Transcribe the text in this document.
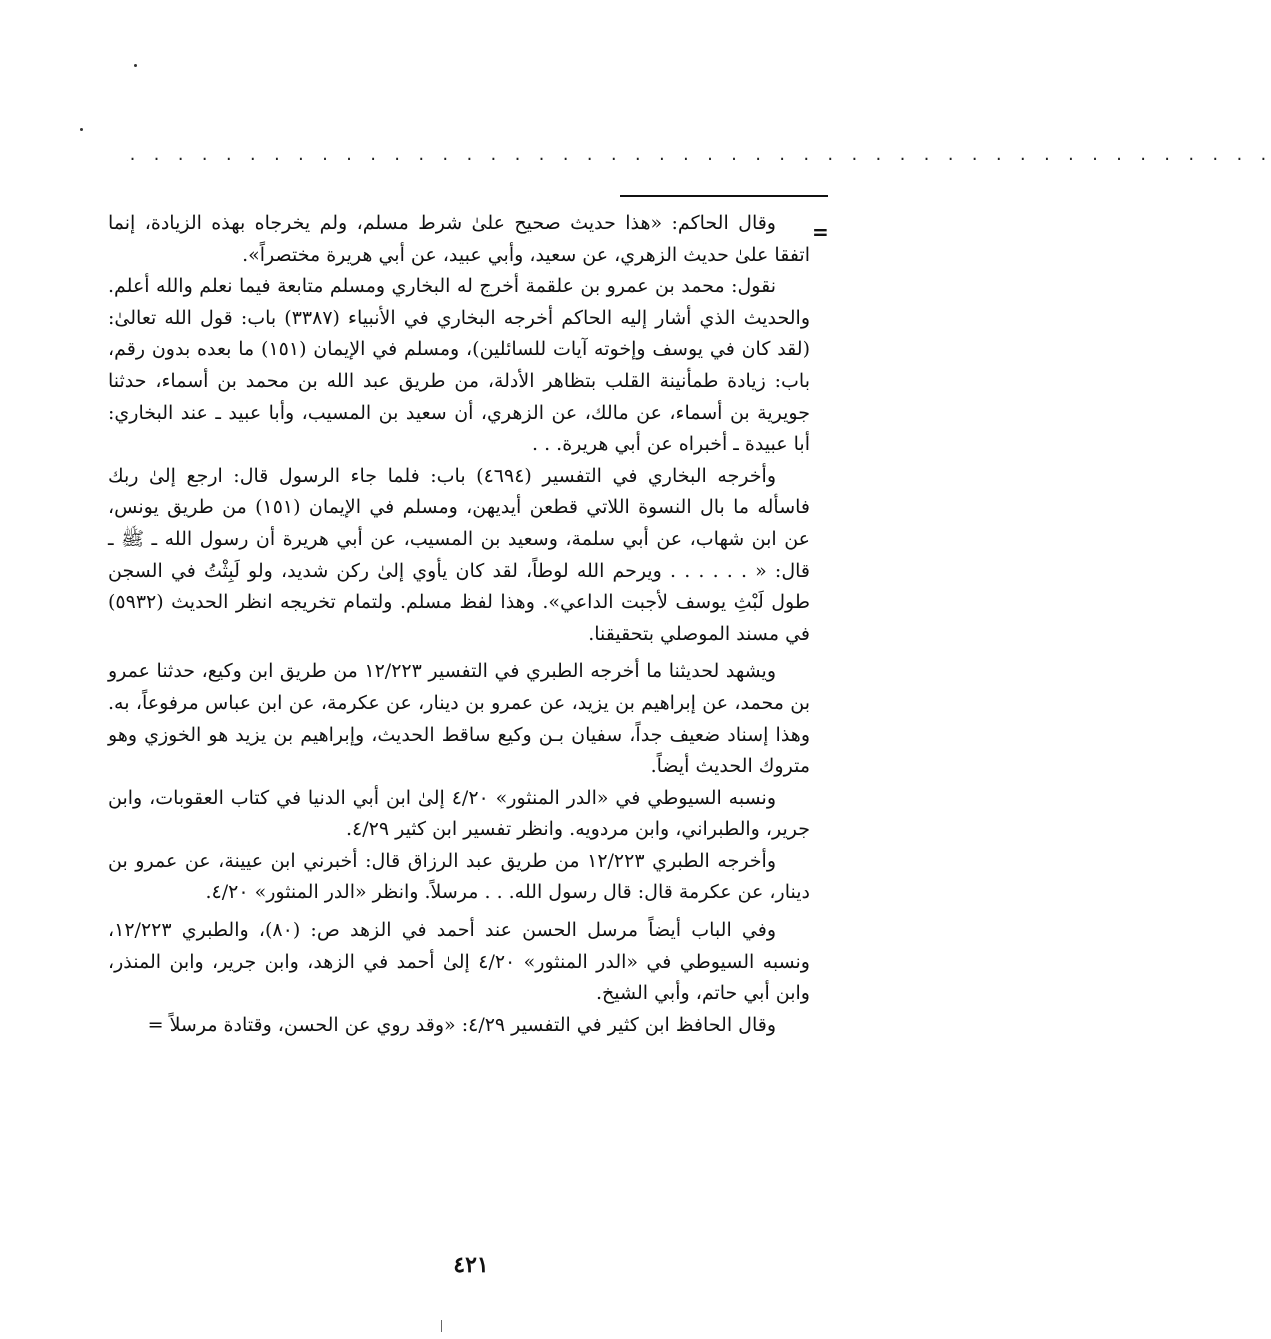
. . . . . . . . . . . . . . . . . . . . . . . . . . . . . . . . . . . . . . . . . . . . . . . .
=

وقال الحاكم: «هذا حديث صحيح علىٰ شرط مسلم، ولم يخرجاه بهذه الزيادة، إنما اتفقا علىٰ حديث الزهري، عن سعيد، وأبي عبيد، عن أبي هريرة مختصراً».

نقول: محمد بن عمرو بن علقمة أخرج له البخاري ومسلم متابعة فيما نعلم والله أعلم. والحديث الذي أشار إليه الحاكم أخرجه البخاري في الأنبياء (٣٣٨٧) باب: قول الله تعالىٰ: (لقد كان في يوسف وإخوته آيات للسائلين)، ومسلم في الإيمان (١٥١) ما بعده بدون رقم، باب: زيادة طمأنينة القلب بتظاهر الأدلة، من طريق عبد الله بن محمد بن أسماء، حدثنا جويرية بن أسماء، عن مالك، عن الزهري، أن سعيد بن المسيب، وأبا عبيد ـ عند البخاري: أبا عبيدة ـ أخبراه عن أبي هريرة. . .

وأخرجه البخاري في التفسير (٤٦٩٤) باب: فلما جاء الرسول قال: ارجع إلىٰ ربك فاسأله ما بال النسوة اللاتي قطعن أيديهن، ومسلم في الإيمان (١٥١) من طريق يونس، عن ابن شهاب، عن أبي سلمة، وسعيد بن المسيب، عن أبي هريرة أن رسول الله ـ ﷺ ـ قال: « . . . . . . ويرحم الله لوطاً، لقد كان يأوي إلىٰ ركن شديد، ولو لَبِثْتُ في السجن طول لَبْثِ يوسف لأجبت الداعي». وهذا لفظ مسلم. ولتمام تخريجه انظر الحديث (٥٩٣٢) في مسند الموصلي بتحقيقنا.

ويشهد لحديثنا ما أخرجه الطبري في التفسير ١٢/٢٢٣ من طريق ابن وكيع، حدثنا عمرو بن محمد، عن إبراهيم بن يزيد، عن عمرو بن دينار، عن عكرمة، عن ابن عباس مرفوعاً، به. وهذا إسناد ضعيف جداً، سفيان بـن وكيع ساقط الحديث، وإبراهيم بن يزيد هو الخوزي وهو متروك الحديث أيضاً.

ونسبه السيوطي في «الدر المنثور» ٤/٢٠ إلىٰ ابن أبي الدنيا في كتاب العقوبات، وابن جرير، والطبراني، وابن مردويه. وانظر تفسير ابن كثير ٤/٢٩.

وأخرجه الطبري ١٢/٢٢٣ من طريق عبد الرزاق قال: أخبرني ابن عيينة، عن عمرو بن دينار، عن عكرمة قال: قال رسول الله. . . مرسلاً. وانظر «الدر المنثور» ٤/٢٠.

وفي الباب أيضاً مرسل الحسن عند أحمد في الزهد ص: (٨٠)، والطبري ١٢/٢٢٣، ونسبه السيوطي في «الدر المنثور» ٤/٢٠ إلىٰ أحمد في الزهد، وابن جرير، وابن المنذر، وابن أبي حاتم، وأبي الشيخ.

وقال الحافظ ابن كثير في التفسير ٤/٢٩: «وقد روي عن الحسن، وقتادة مرسلاً =

٤٢١
